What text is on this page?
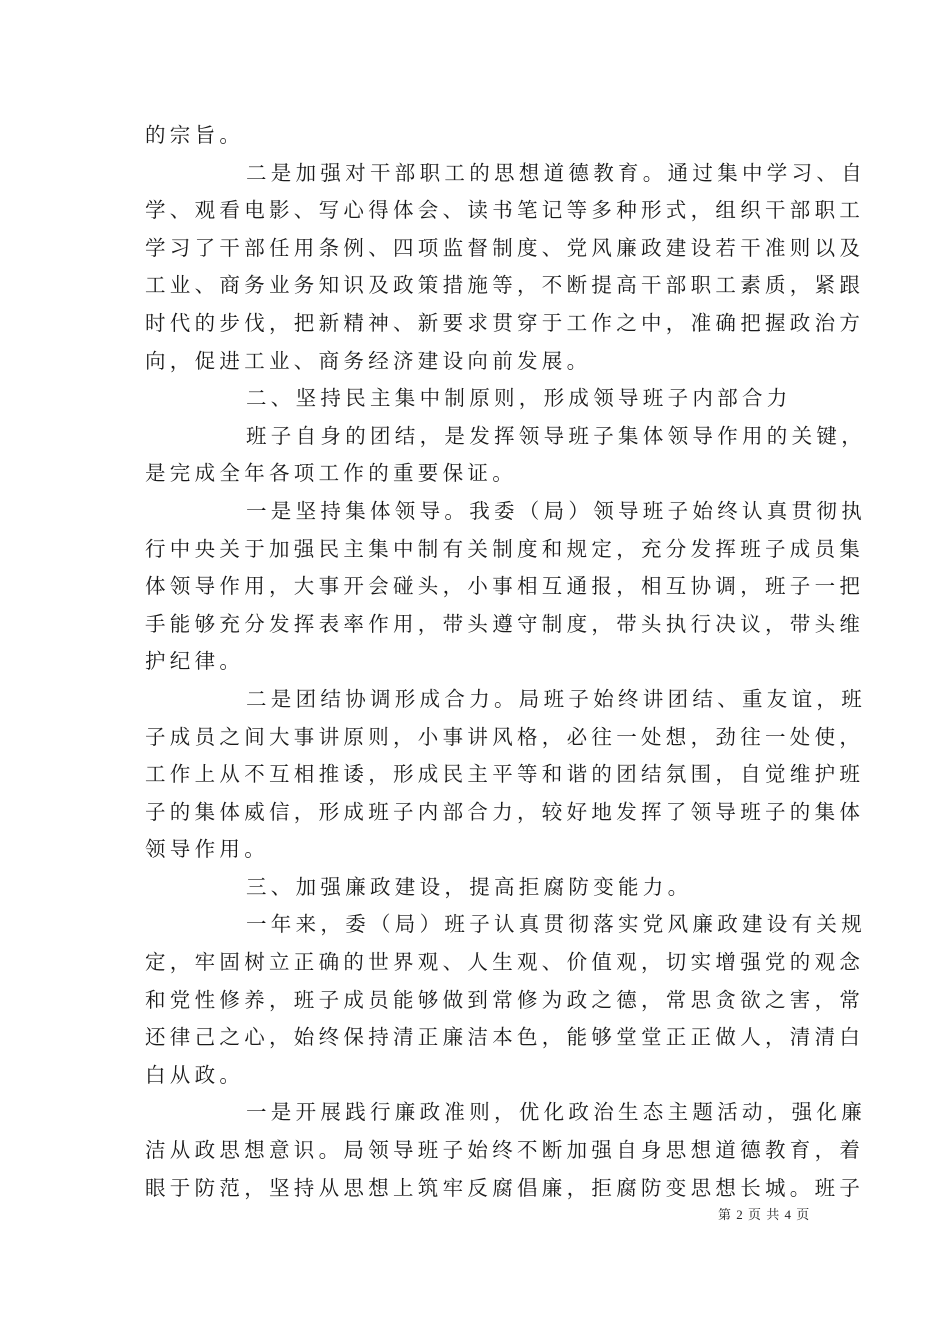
的宗旨。
二是加强对干部职工的思想道德教育。通过集中学习、自
学、观看电影、写心得体会、读书笔记等多种形式，组织干部职工
学习了干部任用条例、四项监督制度、党风廉政建设若干准则以及
工业、商务业务知识及政策措施等，不断提高干部职工素质，紧跟
时代的步伐，把新精神、新要求贯穿于工作之中，准确把握政治方
向，促进工业、商务经济建设向前发展。
二、坚持民主集中制原则，形成领导班子内部合力
班子自身的团结，是发挥领导班子集体领导作用的关键，
是完成全年各项工作的重要保证。
一是坚持集体领导。我委（局）领导班子始终认真贯彻执
行中央关于加强民主集中制有关制度和规定，充分发挥班子成员集
体领导作用，大事开会碰头，小事相互通报，相互协调，班子一把
手能够充分发挥表率作用，带头遵守制度，带头执行决议，带头维
护纪律。
二是团结协调形成合力。局班子始终讲团结、重友谊，班
子成员之间大事讲原则，小事讲风格，必往一处想，劲往一处使，
工作上从不互相推诿，形成民主平等和谐的团结氛围，自觉维护班
子的集体威信，形成班子内部合力，较好地发挥了领导班子的集体
领导作用。
三、加强廉政建设，提高拒腐防变能力。
一年来，委（局）班子认真贯彻落实党风廉政建设有关规
定，牢固树立正确的世界观、人生观、价值观，切实增强党的观念
和党性修养，班子成员能够做到常修为政之德，常思贪欲之害，常
还律己之心，始终保持清正廉洁本色，能够堂堂正正做人，清清白
白从政。
一是开展践行廉政准则，优化政治生态主题活动，强化廉
洁从政思想意识。局领导班子始终不断加强自身思想道德教育，着
眼于防范，坚持从思想上筑牢反腐倡廉，拒腐防变思想长城。班子
第 2 页 共 4 页
